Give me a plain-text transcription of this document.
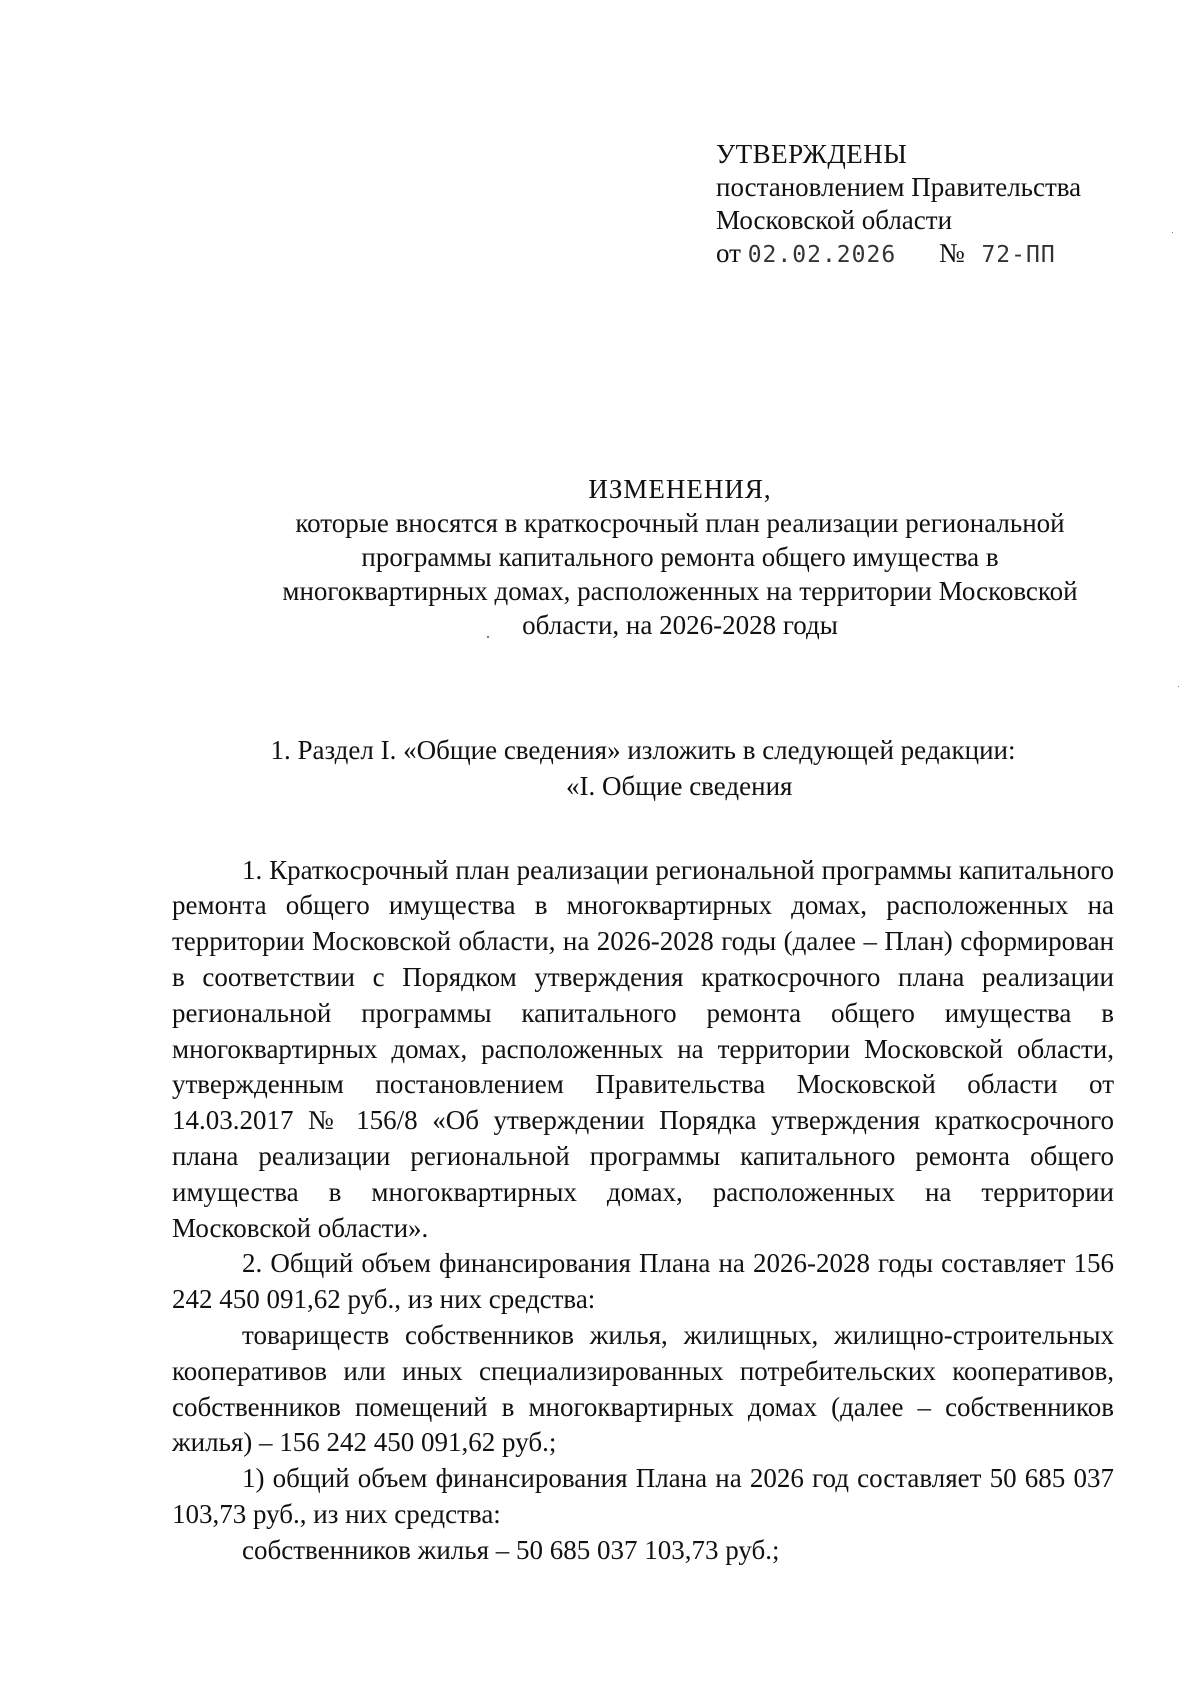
УТВЕРЖДЕНЫ
постановлением Правительства
Московской области
от 02.02.2026 № 72-ПП
ИЗМЕНЕНИЯ,
которые вносятся в краткосрочный план реализации региональной
программы капитального ремонта общего имущества в
многоквартирных домах, расположенных на территории Московской
области, на 2026-2028 годы

1. Раздел I. «Общие сведения» изложить в следующей редакции:

«I. Общие сведения

1. Краткосрочный план реализации региональной программы капитального ремонта общего имущества в многоквартирных домах, расположенных на территории Московской области, на 2026-2028 годы (далее – План) сформирован в соответствии с Порядком утверждения краткосрочного плана реализации региональной программы капитального ремонта общего имущества в многоквартирных домах, расположенных на территории Московской области, утвержденным постановлением Правительства Московской области от 14.03.2017 № 156/8 «Об утверждении Порядка утверждения краткосрочного плана реализации региональной программы капитального ремонта общего имущества в многоквартирных домах, расположенных на территории Московской области».

2. Общий объем финансирования Плана на 2026-2028 годы составляет 156 242 450 091,62 руб., из них средства:

товариществ собственников жилья, жилищных, жилищно-строительных кооперативов или иных специализированных потребительских кооперативов, собственников помещений в многоквартирных домах (далее – собственников жилья) – 156 242 450 091,62 руб.;

1) общий объем финансирования Плана на 2026 год составляет 50 685 037 103,73 руб., из них средства:

собственников жилья – 50 685 037 103,73 руб.;
